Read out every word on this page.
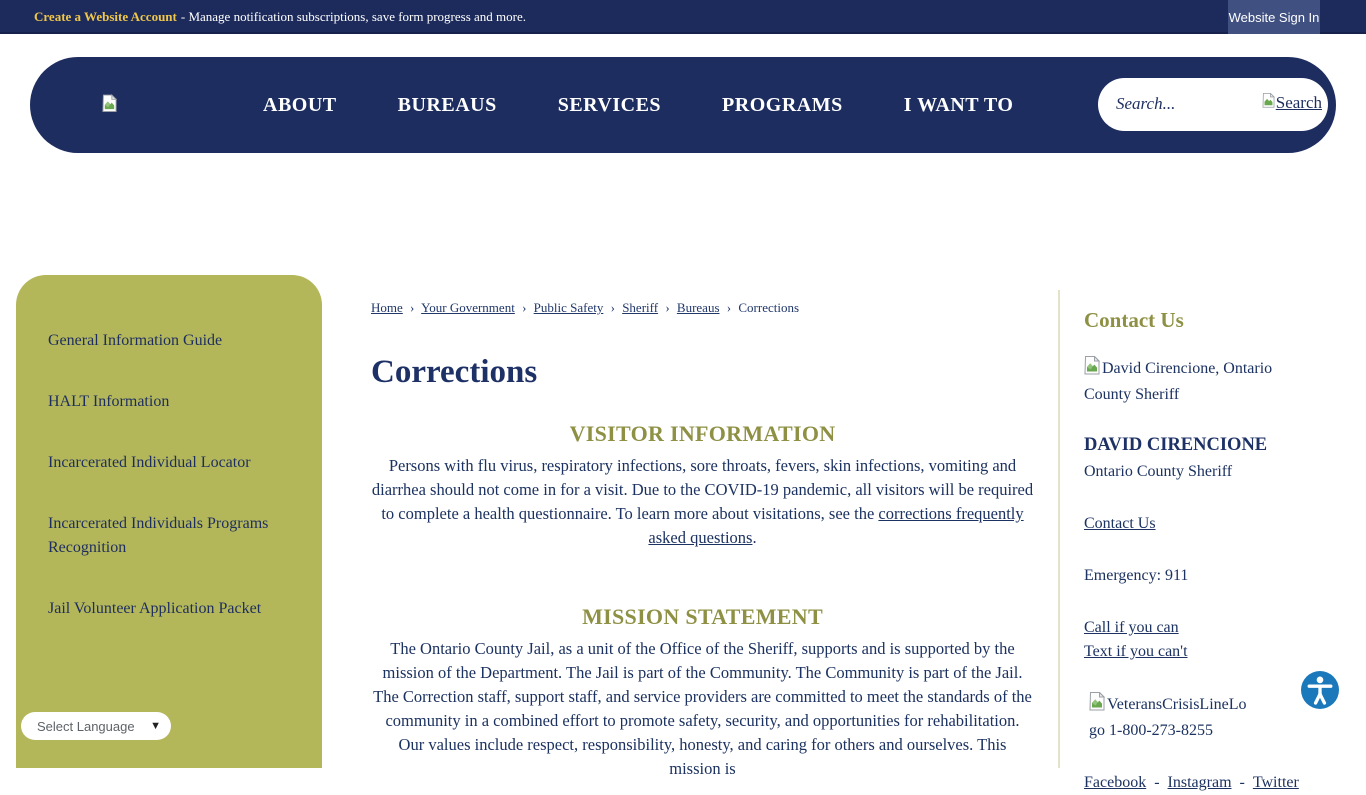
Create a Website Account - Manage notification subscriptions, save form progress and more.	Website Sign In
ABOUT	BUREAUS	SERVICES	PROGRAMS	I WANT TO
Search...	Search
General Information Guide
HALT Information
Incarcerated Individual Locator
Incarcerated Individuals Programs Recognition
Jail Volunteer Application Packet
Select Language ▼
Home › Your Government › Public Safety › Sheriff › Bureaus › Corrections
Corrections
VISITOR INFORMATION

Persons with flu virus, respiratory infections, sore throats, fevers, skin infections, vomiting and diarrhea should not come in for a visit. Due to the COVID-19 pandemic, all visitors will be required to complete a health questionnaire. To learn more about visitations, see the corrections frequently asked questions.

MISSION STATEMENT

The Ontario County Jail, as a unit of the Office of the Sheriff, supports and is supported by the mission of the Department. The Jail is part of the Community. The Community is part of the Jail. The Correction staff, support staff, and service providers are committed to meet the standards of the community in a combined effort to promote safety, security, and opportunities for rehabilitation. Our values include respect, responsibility, honesty, and caring for others and ourselves. This mission is

Contact Us
David Cirencione, Ontario County Sheriff
DAVID CIRENCIONE
Ontario County Sheriff
Contact Us
Emergency: 911
Call if you can
Text if you can't
VeteransCrisisLineLogo 1-800-273-8255
Facebook - Instagram - Twitter
